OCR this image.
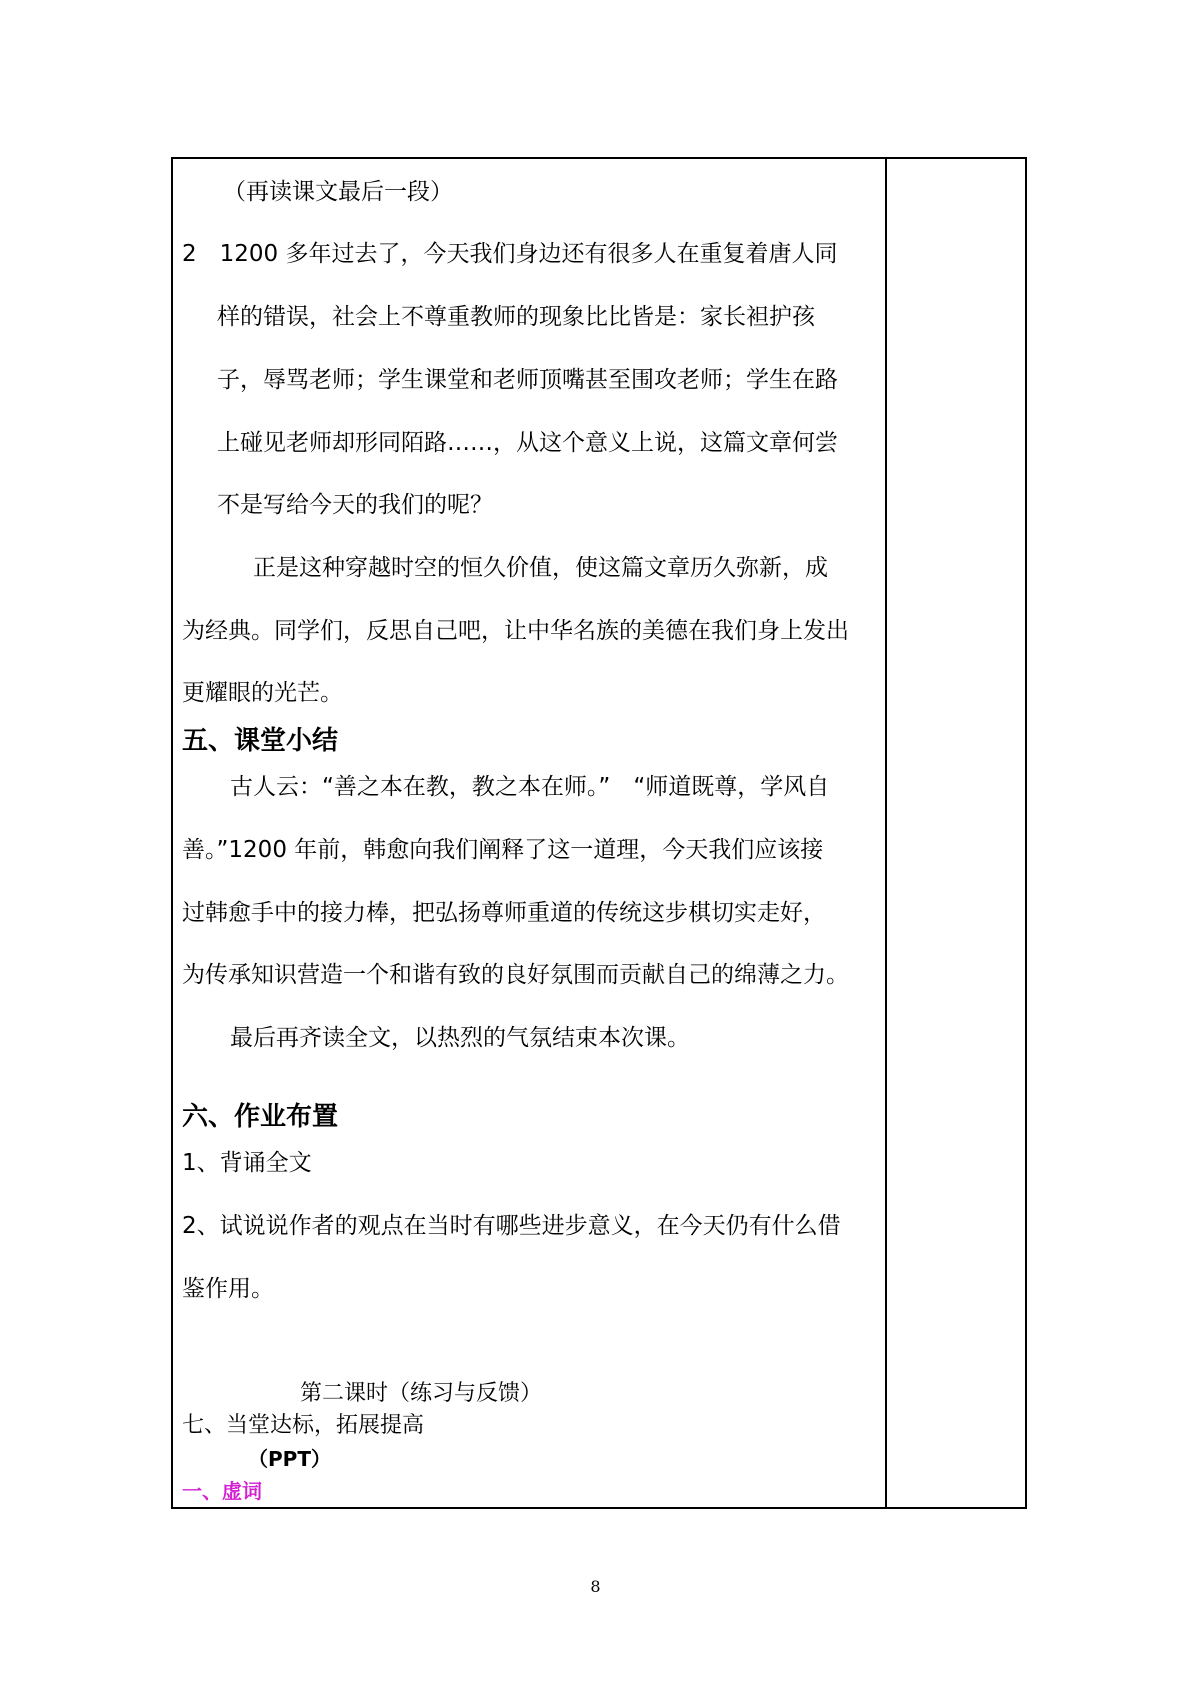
（再读课文最后一段）
2　1200 多年过去了，今天我们身边还有很多人在重复着唐人同
样的错误，社会上不尊重教师的现象比比皆是：家长袒护孩
子，辱骂老师；学生课堂和老师顶嘴甚至围攻老师；学生在路
上碰见老师却形同陌路……，从这个意义上说，这篇文章何尝
不是写给今天的我们的呢？
正是这种穿越时空的恒久价值，使这篇文章历久弥新，成
为经典。同学们，反思自己吧，让中华名族的美德在我们身上发出
更耀眼的光芒。
五、课堂小结
古人云：“善之本在教，教之本在师。”　“师道既尊，学风自
善。”1200 年前，韩愈向我们阐释了这一道理，今天我们应该接
过韩愈手中的接力棒，把弘扬尊师重道的传统这步棋切实走好，
为传承知识营造一个和谐有致的良好氛围而贡献自己的绵薄之力。
最后再齐读全文，以热烈的气氛结束本次课。
六、作业布置
1、背诵全文
2、试说说作者的观点在当时有哪些进步意义，在今天仍有什么借
鉴作用。
第二课时（练习与反馈）
七、当堂达标，拓展提高
（PPT）
一、虚词
8
